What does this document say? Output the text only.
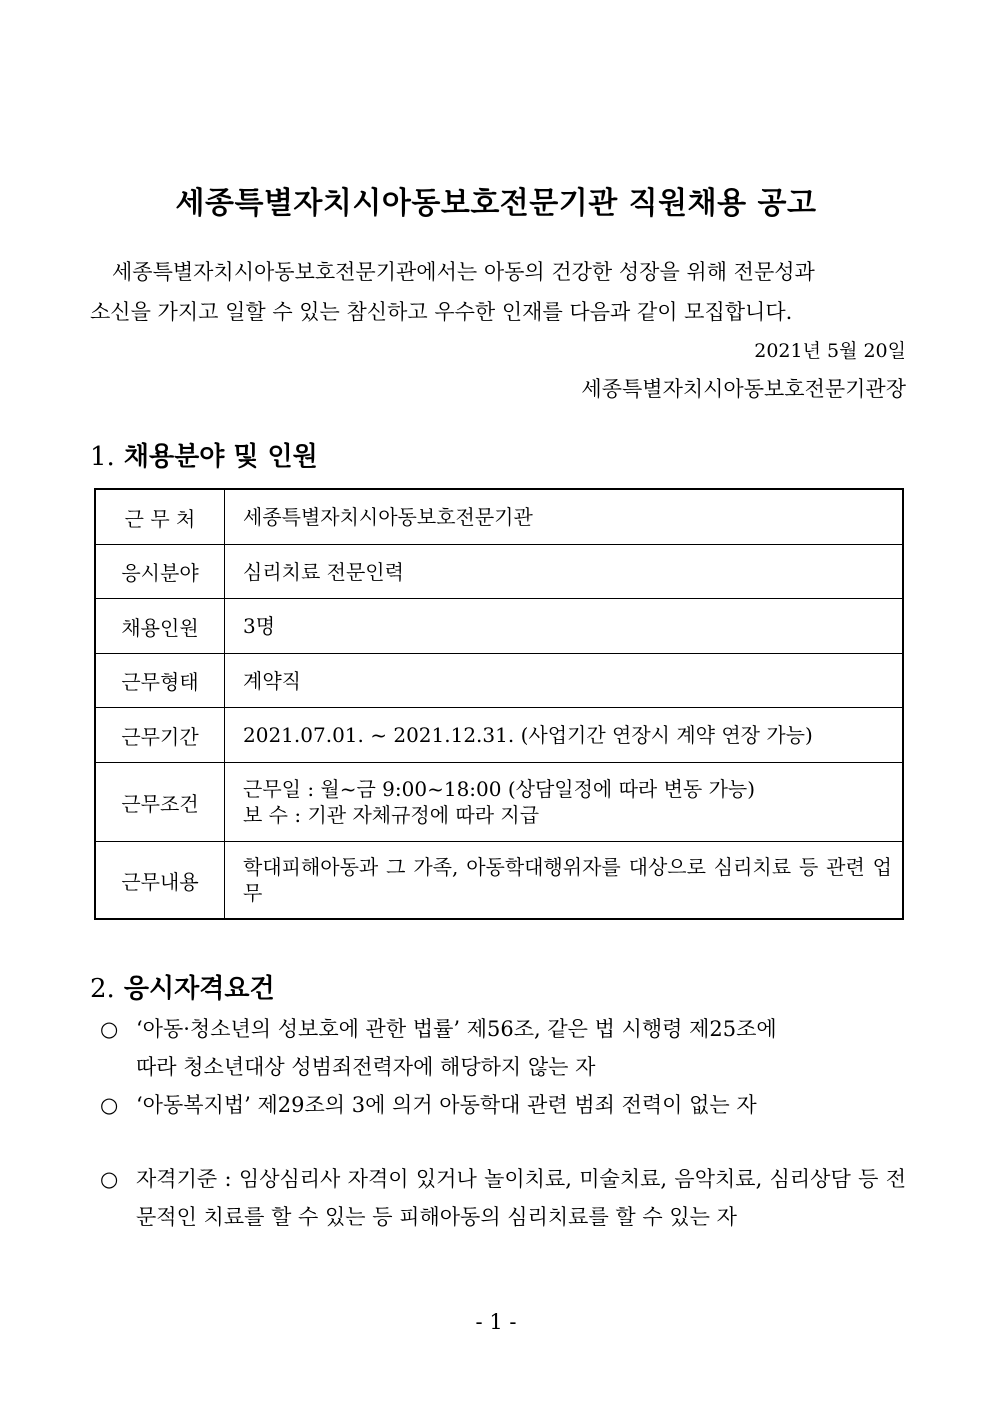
세종특별자치시아동보호전문기관 직원채용 공고
세종특별자치시아동보호전문기관에서는 아동의 건강한 성장을 위해 전문성과
소신을 가지고 일할 수 있는 참신하고 우수한 인재를 다음과 같이 모집합니다.
2021년 5월 20일
세종특별자치시아동보호전문기관장
1. 채용분야 및 인원
근 무 처	세종특별자치시아동보호전문기관
응시분야	심리치료 전문인력
채용인원	3명
근무형태	계약직
근무기간	2021.07.01. ~ 2021.12.31. (사업기간 연장시 계약 연장 가능)
근무조건	근무일 : 월~금 9:00~18:00 (상담일정에 따라 변동 가능)
보 수 : 기관 자체규정에 따라 지급

근무내용	학대피해아동과 그 가족, 아동학대행위자를 대상으로 심리치료 등 관련 업무
2. 응시자격요건
○ ‘아동·청소년의 성보호에 관한 법률’ 제56조, 같은 법 시행령 제25조에
따라 청소년대상 성범죄전력자에 해당하지 않는 자
○ ‘아동복지법’ 제29조의 3에 의거 아동학대 관련 범죄 전력이 없는 자
○ 자격기준 : 임상심리사 자격이 있거나 놀이치료, 미술치료, 음악치료, 심리상담 등 전문적인 치료를 할 수 있는 등 피해아동의 심리치료를 할 수 있는 자
- 1 -
